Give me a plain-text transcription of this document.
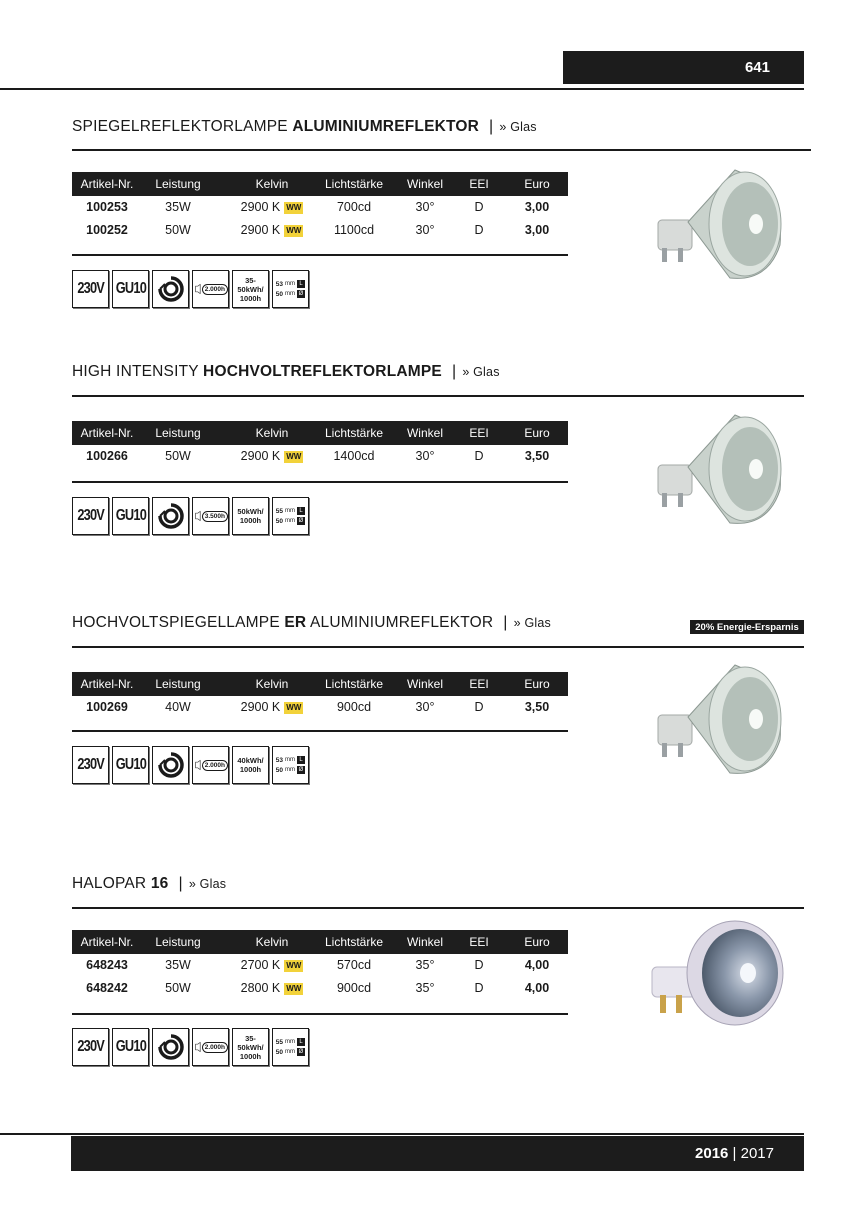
641
SPIEGELREFLEKTORLAMPE ALUMINIUMREFLEKTOR | » Glas
Artikel-Nr.	Leistung	Kelvin	Lichtstärke	Winkel	EEI	Euro
100253	35W	2900 K WW	700cd	30°	D	3,00
100252	50W	2900 K WW	1100cd	30°	D	3,00
230V GU10	2.000h
35-50kWh/
1000h
53 mm L
50 mm Ø
HIGH INTENSITY HOCHVOLTREFLEKTORLAMPE | » Glas
Artikel-Nr.	Leistung	Kelvin	Lichtstärke	Winkel	EEI	Euro
100266	50W	2900 K WW	1400cd	30°	D	3,50
230V GU10	3.500h	50kWh/
1000h
55 mm L
50 mm Ø
HOCHVOLTSPIEGELLAMPE ER ALUMINIUMREFLEKTOR | » Glas
Artikel-Nr.	Leistung	Kelvin	Lichtstärke	Winkel	EEI	Euro
100269	40W	2900 K WW	900cd	30°	D	3,50
230V GU10	2.000h	40kWh/
1000h
53 mm L
50 mm Ø
HALOPAR 16 | » Glas
Artikel-Nr.	Leistung	Kelvin	Lichtstärke	Winkel	EEI	Euro
648243	35W	2700 K WW	570cd	35°	D	4,00
648242	50W	2800 K WW	900cd	35°	D	4,00
230V GU10	2.000h
35-50kWh/
1000h
55 mm L
50 mm Ø
20% Energie-Ersparnis
2016 | 2017
